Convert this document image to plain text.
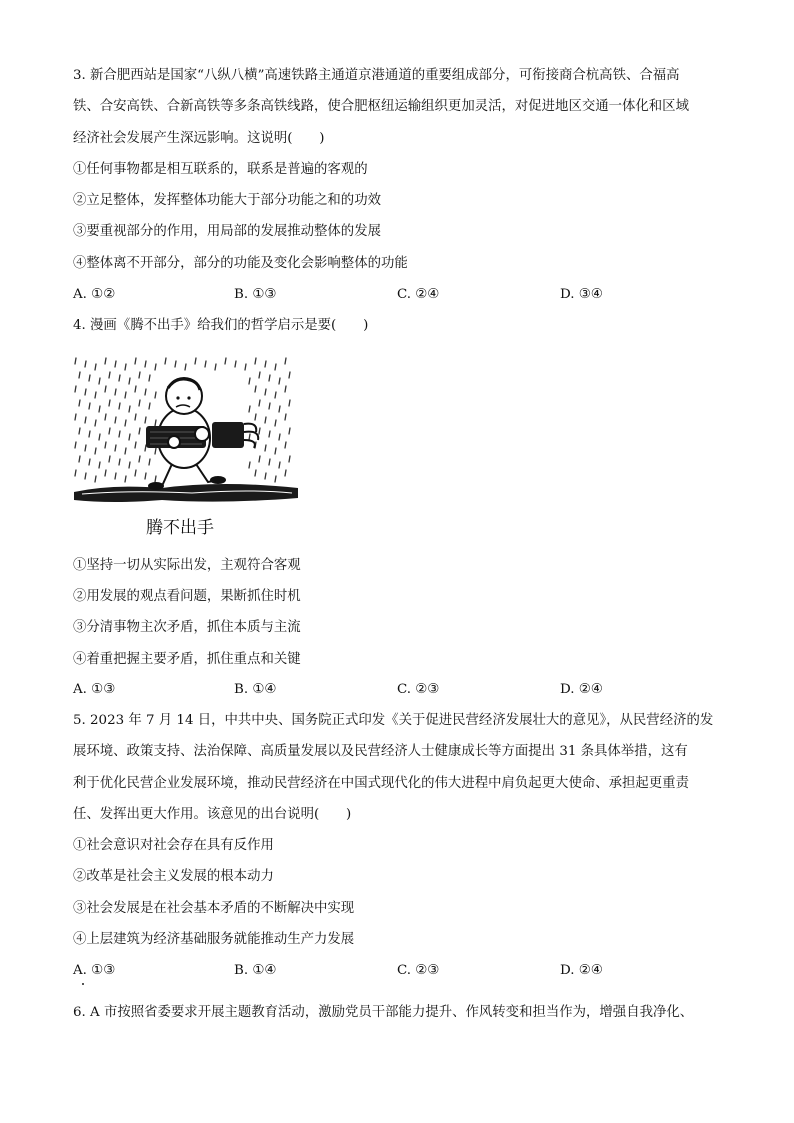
3. 新合肥西站是国家“八纵八横”高速铁路主通道京港通道的重要组成部分，可衔接商合杭高铁、合福高
铁、合安高铁、合新高铁等多条高铁线路，使合肥枢纽运输组织更加灵活，对促进地区交通一体化和区域
经济社会发展产生深远影响。这说明(　　)
①任何事物都是相互联系的，联系是普遍的客观的
②立足整体，发挥整体功能大于部分功能之和的功效
③要重视部分的作用，用局部的发展推动整体的发展
④整体离不开部分，部分的功能及变化会影响整体的功能
A. ①②	B. ①③	C. ②④	D. ③④
4. 漫画《腾不出手》给我们的哲学启示是要(　　)
腾不出手
①坚持一切从实际出发，主观符合客观
②用发展的观点看问题，果断抓住时机
③分清事物主次矛盾，抓住本质与主流
④着重把握主要矛盾，抓住重点和关键
A. ①③	B. ①④	C. ②③	D. ②④
5. 2023 年 7 月 14 日，中共中央、国务院正式印发《关于促进民营经济发展壮大的意见》，从民营经济的发
展环境、政策支持、法治保障、高质量发展以及民营经济人士健康成长等方面提出 31 条具体举措，这有
利于优化民营企业发展环境，推动民营经济在中国式现代化的伟大进程中肩负起更大使命、承担起更重责
任、发挥出更大作用。该意见的出台说明(　　)
①社会意识对社会存在具有反作用
②改革是社会主义发展的根本动力
③社会发展是在社会基本矛盾的不断解决中实现
④上层建筑为经济基础服务就能推动生产力发展
A. ①③	B. ①④	C. ②③	D. ②④
6. A 市按照省委要求开展主题教育活动，激励党员干部能力提升、作风转变和担当作为，增强自我净化、
